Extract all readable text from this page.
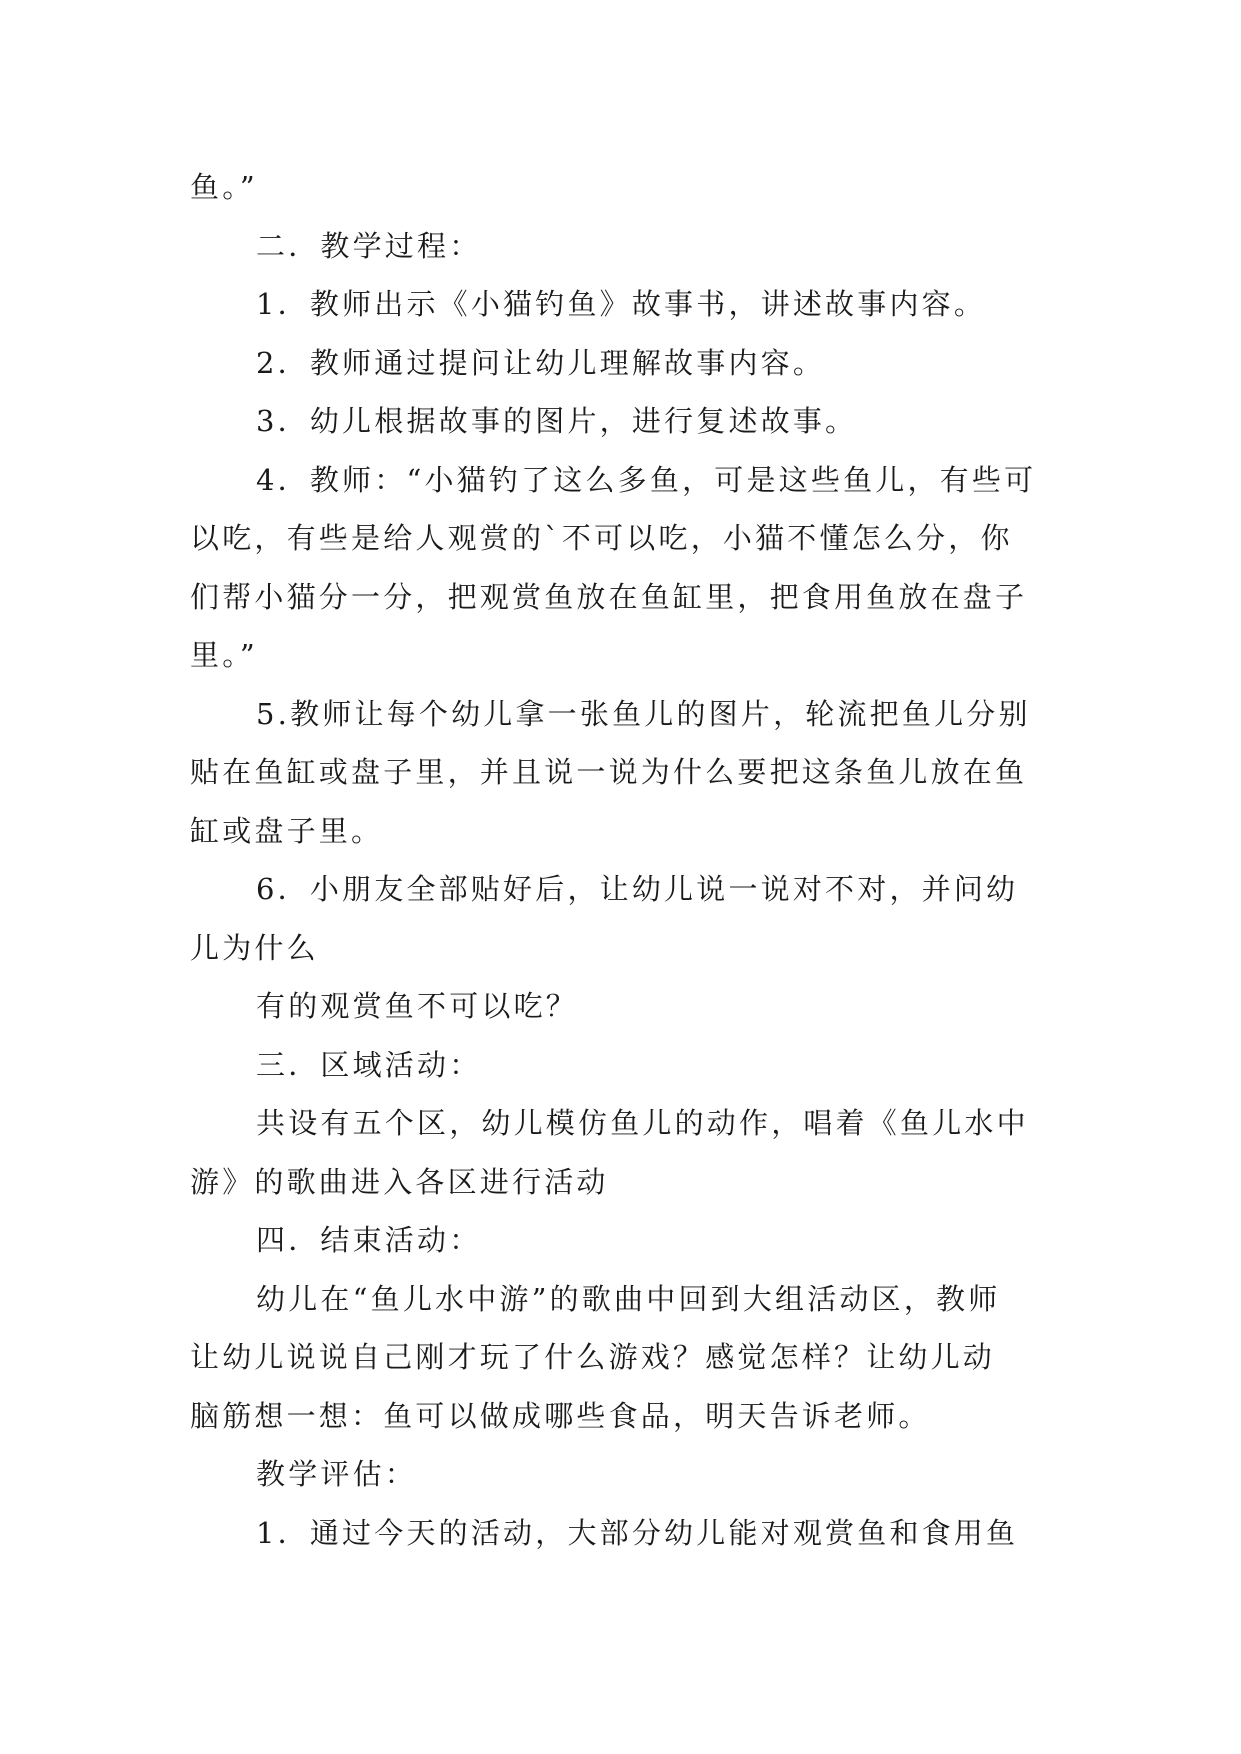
鱼。”
二．教学过程：
1．教师出示《小猫钓鱼》故事书，讲述故事内容。
2．教师通过提问让幼儿理解故事内容。
3．幼儿根据故事的图片，进行复述故事。
4．教师：“小猫钓了这么多鱼，可是这些鱼儿，有些可
以吃，有些是给人观赏的`不可以吃，小猫不懂怎么分，你
们帮小猫分一分，把观赏鱼放在鱼缸里，把食用鱼放在盘子
里。”
5.教师让每个幼儿拿一张鱼儿的图片，轮流把鱼儿分别
贴在鱼缸或盘子里，并且说一说为什么要把这条鱼儿放在鱼
缸或盘子里。
6．小朋友全部贴好后，让幼儿说一说对不对，并问幼
儿为什么
有的观赏鱼不可以吃？
三．区域活动：
共设有五个区，幼儿模仿鱼儿的动作，唱着《鱼儿水中
游》的歌曲进入各区进行活动
四．结束活动：
幼儿在“鱼儿水中游”的歌曲中回到大组活动区，教师
让幼儿说说自己刚才玩了什么游戏？感觉怎样？让幼儿动
脑筋想一想：鱼可以做成哪些食品，明天告诉老师。
教学评估：
1．通过今天的活动，大部分幼儿能对观赏鱼和食用鱼
